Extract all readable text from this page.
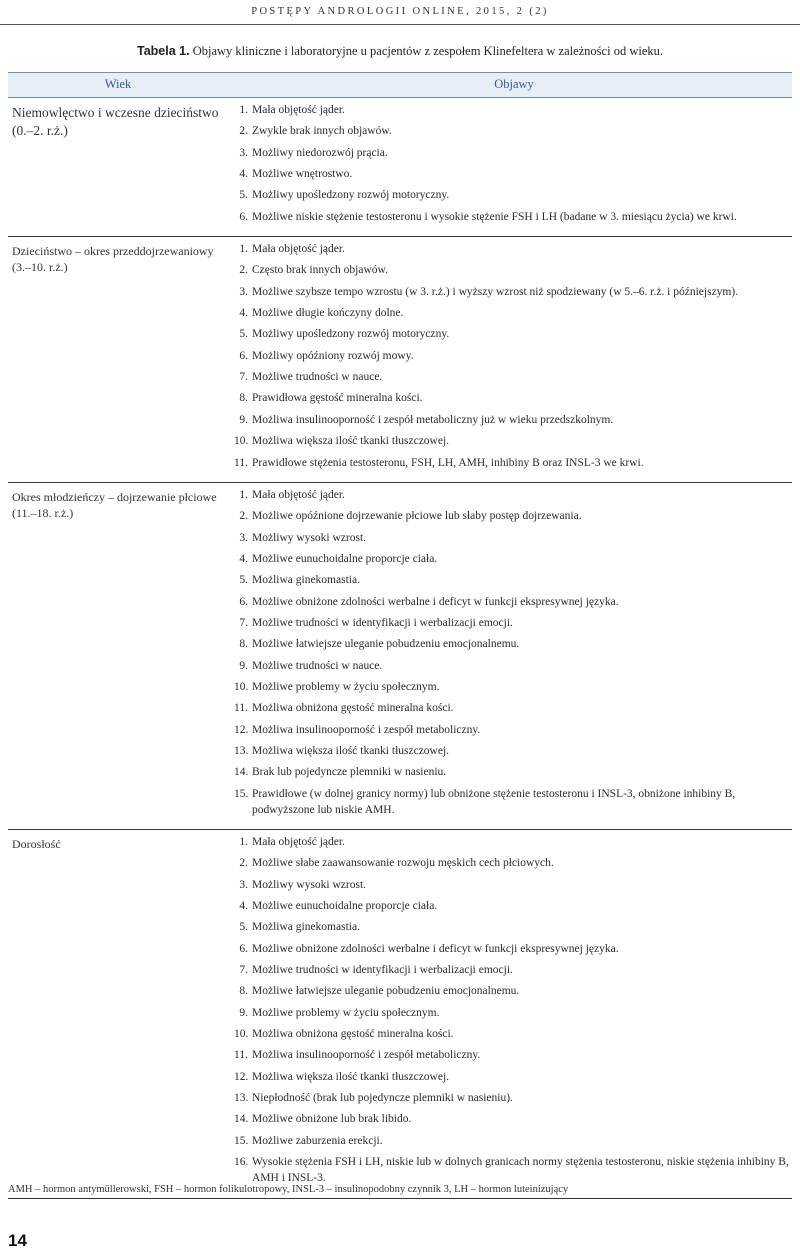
POSTĘPY ANDROLOGII ONLINE, 2015, 2 (2)
Tabela 1. Objawy kliniczne i laboratoryjne u pacjentów z zespołem Klinefeltera w zależności od wieku.
Wiek	Objawy
Niemowlęctwo i wczesne dzieciństwo (0.–2. r.ż.)
1. Mała objętość jąder.
2. Zwykle brak innych objawów.
3. Możliwy niedorozwój prącia.
4. Możliwe wnętrostwo.
5. Możliwy upośledzony rozwój motoryczny.
6. Możliwe niskie stężenie testosteronu i wysokie stężenie FSH i LH (badane w 3. miesiącu życia) we krwi.
Dzieciństwo – okres przeddojrzewaniowy (3.–10. r.ż.)
1. Mała objętość jąder.
2. Często brak innych objawów.
3. Możliwe szybsze tempo wzrostu (w 3. r.ż.) i wyższy wzrost niż spodziewany (w 5.–6. r.ż. i późniejszym).
4. Możliwe długie kończyny dolne.
5. Możliwy upośledzony rozwój motoryczny.
6. Możliwy opóźniony rozwój mowy.
7. Możliwe trudności w nauce.
8. Prawidłowa gęstość mineralna kości.
9. Możliwa insulinooporność i zespół metaboliczny już w wieku przedszkolnym.
10. Możliwa większa ilość tkanki tłuszczowej.
11. Prawidłowe stężenia testosteronu, FSH, LH, AMH, inhibiny B oraz INSL-3 we krwi.
Okres młodzieńczy – dojrzewanie płciowe (11.–18. r.ż.)
1. Mała objętość jąder.
2. Możliwe opóźnione dojrzewanie płciowe lub słaby postęp dojrzewania.
3. Możliwy wysoki wzrost.
4. Możliwe eunuchoidalne proporcje ciała.
5. Możliwa ginekomastia.
6. Możliwe obniżone zdolności werbalne i deficyt w funkcji ekspresywnej języka.
7. Możliwe trudności w identyfikacji i werbalizacji emocji.
8. Możliwe łatwiejsze uleganie pobudzeniu emocjonalnemu.
9. Możliwe trudności w nauce.
10. Możliwe problemy w życiu społecznym.
11. Możliwa obniżona gęstość mineralna kości.
12. Możliwa insulinooporność i zespół metaboliczny.
13. Możliwa większa ilość tkanki tłuszczowej.
14. Brak lub pojedyncze plemniki w nasieniu.
15. Prawidłowe (w dolnej granicy normy) lub obniżone stężenie testosteronu i INSL-3, obniżone inhibiny B, podwyższone lub niskie AMH.
Dorosłość	1. Mała objętość jąder.
2. Możliwe słabe zaawansowanie rozwoju męskich cech płciowych.
3. Możliwy wysoki wzrost.
4. Możliwe eunuchoidalne proporcje ciała.
5. Możliwa ginekomastia.
6. Możliwe obniżone zdolności werbalne i deficyt w funkcji ekspresywnej języka.
7. Możliwe trudności w identyfikacji i werbalizacji emocji.
8. Możliwe łatwiejsze uleganie pobudzeniu emocjonalnemu.
9. Możliwe problemy w życiu społecznym.
10. Możliwa obniżona gęstość mineralna kości.
11. Możliwa insulinooporność i zespół metaboliczny.
12. Możliwa większa ilość tkanki tłuszczowej.
13. Niepłodność (brak lub pojedyncze plemniki w nasieniu).
14. Możliwe obniżone lub brak libido.
15. Możliwe zaburzenia erekcji.
16. Wysokie stężenia FSH i LH, niskie lub w dolnych granicach normy stężenia testosteronu, niskie stężenia inhibiny B, AMH i INSL-3.
AMH – hormon antymüllerowski, FSH – hormon folikulotropowy, INSL-3 – insulinopodobny czynnik 3, LH – hormon luteinizujący
14
